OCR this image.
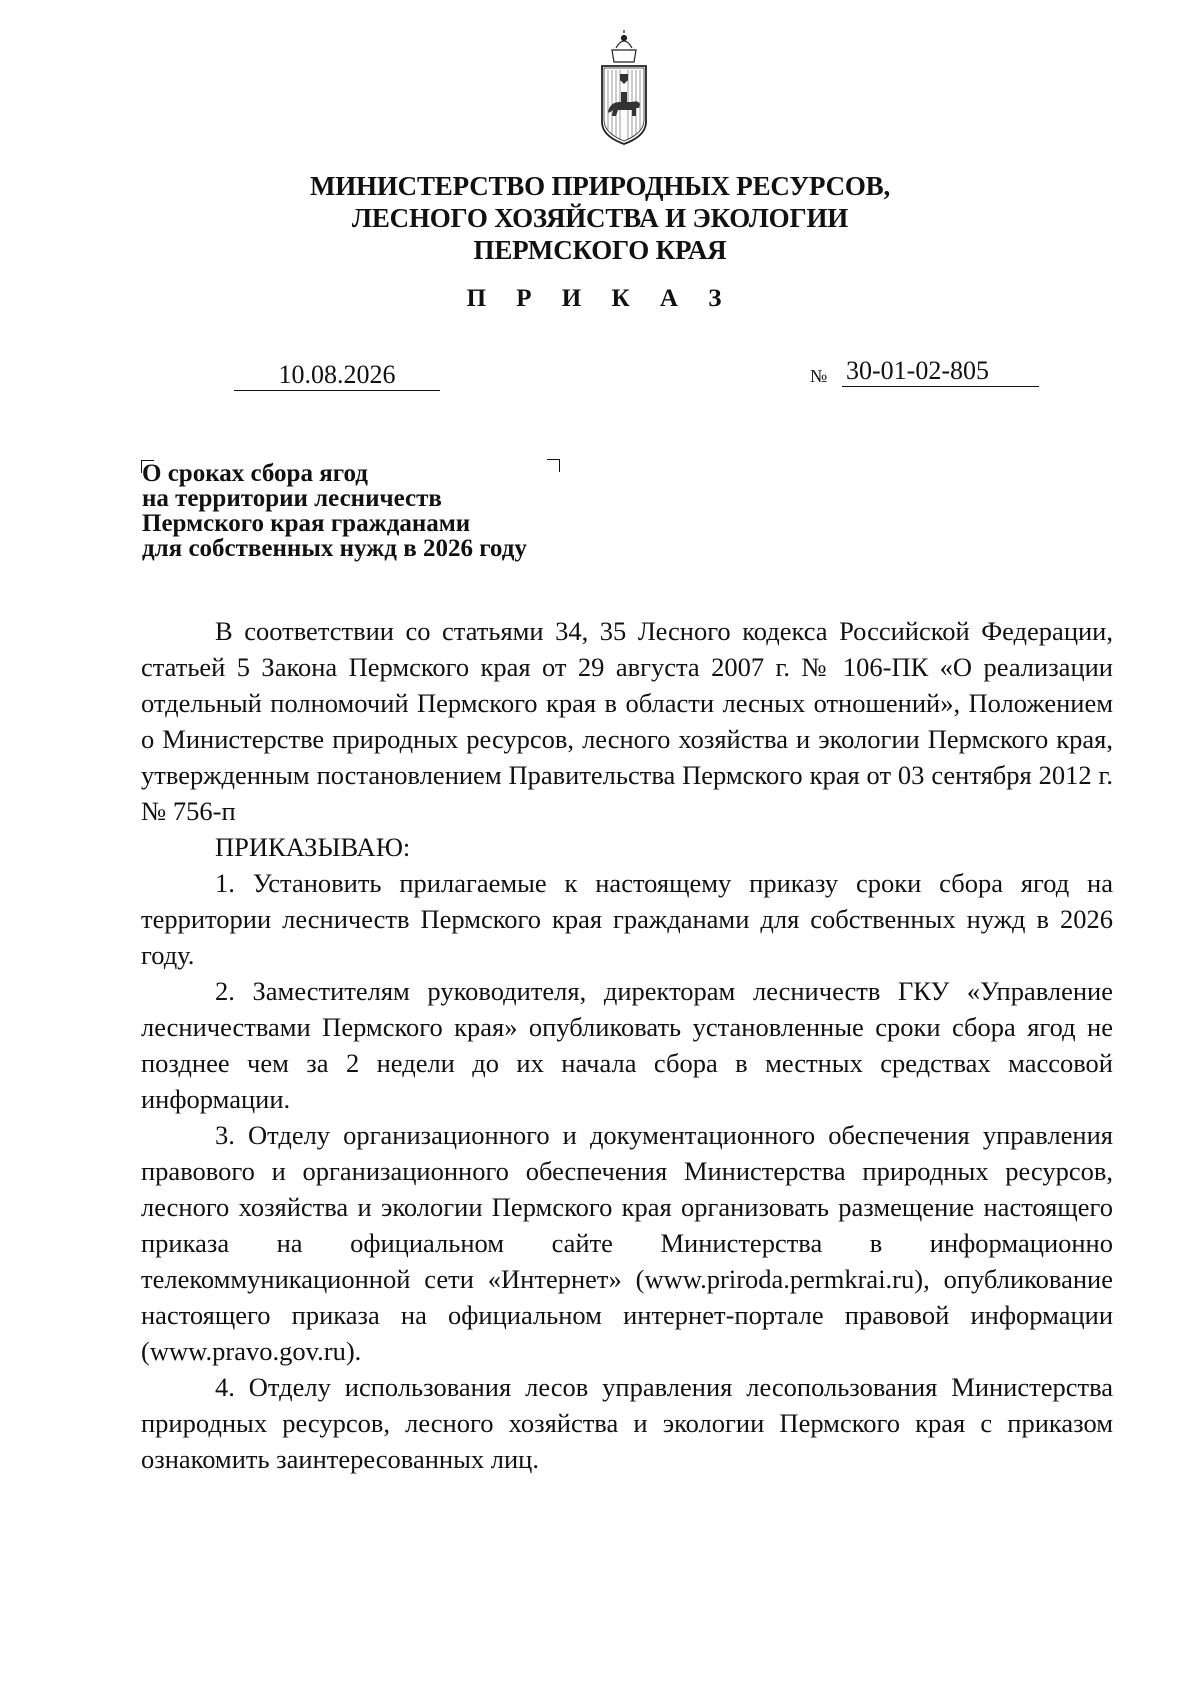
МИНИСТЕРСТВО ПРИРОДНЫХ РЕСУРСОВ,
ЛЕСНОГО ХОЗЯЙСТВА И ЭКОЛОГИИ
ПЕРМСКОГО КРАЯ
П Р И К А З
10.08.2026	№ 30-01-02-805
О сроках сбора ягод
на территории лесничеств
Пермского края гражданами
для собственных нужд в 2026 году

В соответствии со статьями 34, 35 Лесного кодекса Российской Федерации, статьей 5 Закона Пермского края от 29 августа 2007 г. № 106-ПК «О реализации отдельный полномочий Пермского края в области лесных отношений», Положением о Министерстве природных ресурсов, лесного хозяйства и экологии Пермского края, утвержденным постановлением Правительства Пермского края от 03 сентября 2012 г. № 756-п

ПРИКАЗЫВАЮ:

1. Установить прилагаемые к настоящему приказу сроки сбора ягод на территории лесничеств Пермского края гражданами для собственных нужд в 2026 году.

2. Заместителям руководителя, директорам лесничеств ГКУ «Управление лесничествами Пермского края» опубликовать установленные сроки сбора ягод не позднее чем за 2 недели до их начала сбора в местных средствах массовой информации.

3. Отделу организационного и документационного обеспечения управления правового и организационного обеспечения Министерства природных ресурсов, лесного хозяйства и экологии Пермского края организовать размещение настоящего приказа на официальном сайте Министерства в информационно телекоммуникационной сети «Интернет» (www.priroda.permkrai.ru), опубликование настоящего приказа на официальном интернет-портале правовой информации (www.pravo.gov.ru).

4. Отделу использования лесов управления лесопользования Министерства природных ресурсов, лесного хозяйства и экологии Пермского края с приказом ознакомить заинтересованных лиц.
